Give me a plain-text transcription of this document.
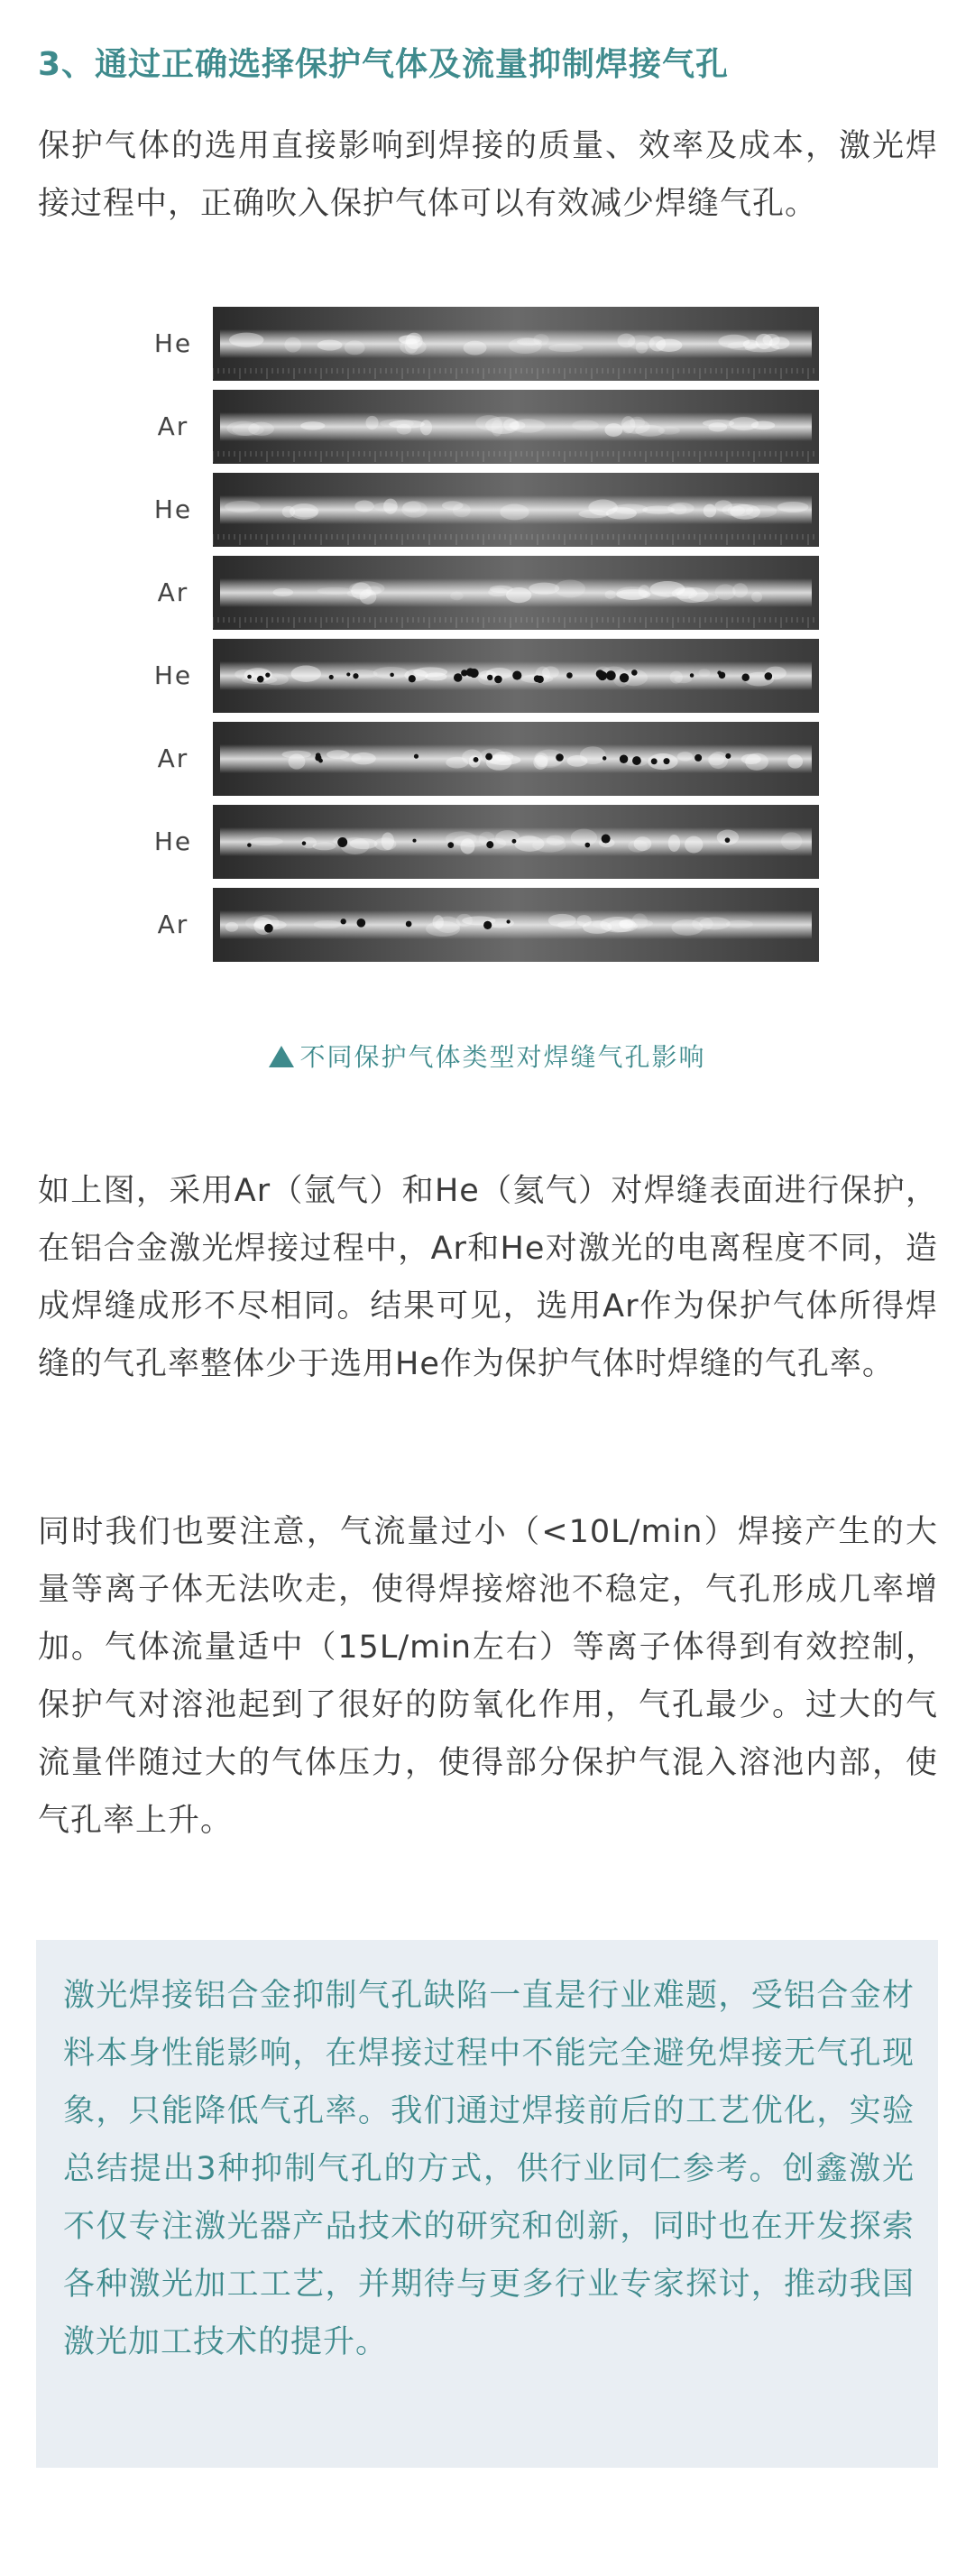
3、通过正确选择保护气体及流量抑制焊接气孔

保护气体的选用直接影响到焊接的质量、效率及成本，激光焊接过程中，正确吹入保护气体可以有效减少焊缝气孔。

He
Ar
He
Ar
He
Ar
He
Ar

不同保护气体类型对焊缝气孔影响

如上图，采用Ar（氩气）和He（氦气）对焊缝表面进行保护，在铝合金激光焊接过程中，Ar和He对激光的电离程度不同，造成焊缝成形不尽相同。结果可见，选用Ar作为保护气体所得焊缝的气孔率整体少于选用He作为保护气体时焊缝的气孔率。

同时我们也要注意，气流量过小（<10L/min）焊接产生的大量等离子体无法吹走，使得焊接熔池不稳定，气孔形成几率增加。气体流量适中（15L/min左右）等离子体得到有效控制，保护气对溶池起到了很好的防氧化作用，气孔最少。过大的气流量伴随过大的气体压力，使得部分保护气混入溶池内部，使气孔率上升。

激光焊接铝合金抑制气孔缺陷一直是行业难题，受铝合金材料本身性能影响，在焊接过程中不能完全避免焊接无气孔现象，只能降低气孔率。我们通过焊接前后的工艺优化，实验总结提出3种抑制气孔的方式，供行业同仁参考。创鑫激光不仅专注激光器产品技术的研究和创新，同时也在开发探索各种激光加工工艺，并期待与更多行业专家探讨，推动我国激光加工技术的提升。
